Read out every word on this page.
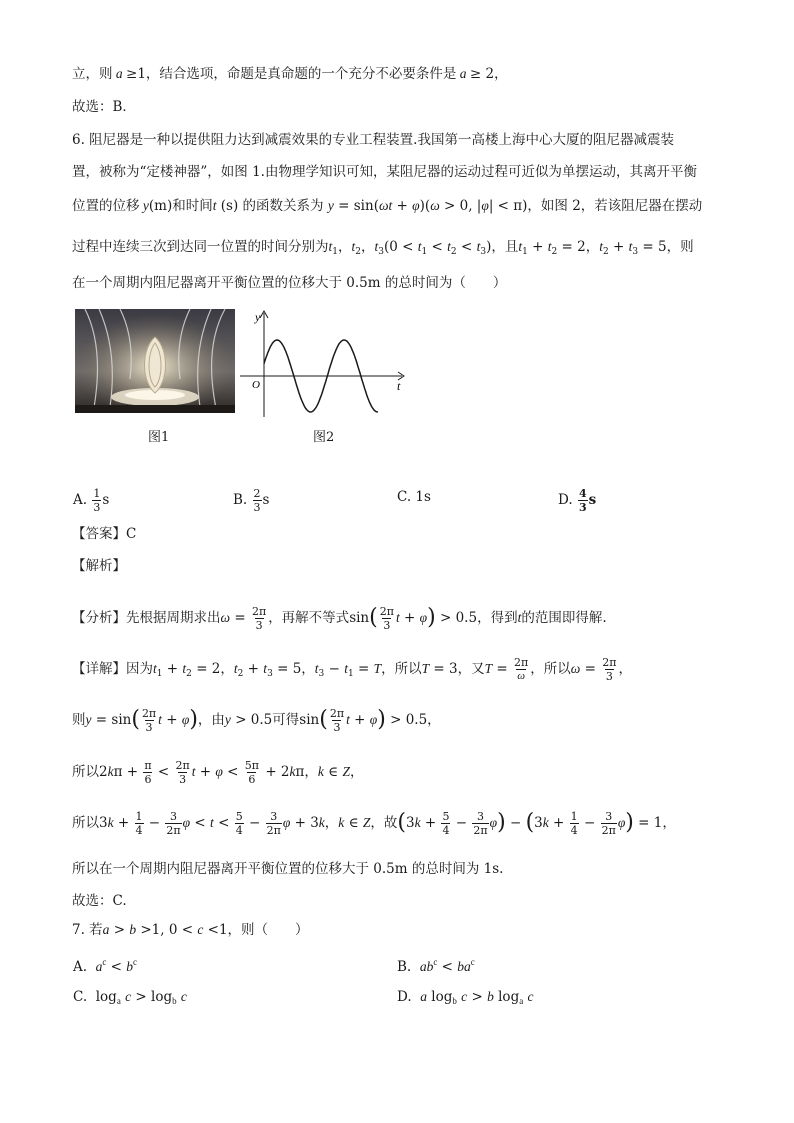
立，则 a ≥1，结合选项，命题是真命题的一个充分不必要条件是 a ≥ 2，
故选：B．
6. 阻尼器是一种以提供阻力达到减震效果的专业工程装置.我国第一高楼上海中心大厦的阻尼器减震装
置，被称为“定楼神器”，如图 1.由物理学知识可知，某阻尼器的运动过程可近似为单摆运动，其离开平衡
位置的位移 y(m)和时间t (s) 的函数关系为 y = sin(ωt + φ)(ω > 0, |φ| < π)，如图 2，若该阻尼器在摆动
过程中连续三次到达同一位置的时间分别为$t_1$，$t_2$，$t_3(0 < t_1 < t_2 < t_3)$，且$t_1 + t_2 = 2$，$t_2 + t_3 = 5$，则
在一个周期内阻尼器离开平衡位置的位移大于 0.5m 的总时间为（　　）
图1
y
t
O
图2
A. $\frac{1}{3}$ s	B. $\frac{2}{3}$ s	C. 1s	D. $\frac{4}{3}$ s
【答案】C
【解析】
【分析】先根据周期求出$\omega = \frac{2\pi}{3}$ ，再解不等式$\sin( \frac{2\pi}{3}$ t + φ) > 0.5，得到t的范围即得解.
【详解】因为$t_1 + t_2 = 2$，$t_2 + t_3 = 5$，$t_3 - t_1 = T$，所以T = 3，又$T = \frac{2\pi}{\omega}$ ，所以$\omega = \frac{2\pi}{3}$ ，
则$y = \sin( \frac{2\pi}{3}$ t + φ)，由y > 0.5可得$\sin( \frac{2\pi}{3}$ t + φ) > 0.5，
所以$2k\pi + \frac{\pi}{6} < \frac{2\pi}{3}$ $t + \varphi < \frac{5\pi}{6} + 2k\pi$，k ∈ Z，
所以$3k + \frac{1}{4} - \frac{3}{2\pi}$ $\varphi < t < \frac{5}{4} - \frac{3}{2\pi}$ φ + 3k，k ∈ Z，故$(3k + \frac{5}{4} - \frac{3}{2\pi} \varphi) - (3k + \frac{1}{4} - \frac{3}{2\pi} \varphi) = 1$，
所以在一个周期内阻尼器离开平衡位置的位移大于 0.5m 的总时间为 1s.
故选：C.
7. 若a > b >1, 0 < c <1，则（　　）
A. $a^c < b^c$	B. $ab^c < ba^c$
C.  $\log_a c > \log_b c$	D. a $\log_b c > b$ $\log_a c$
